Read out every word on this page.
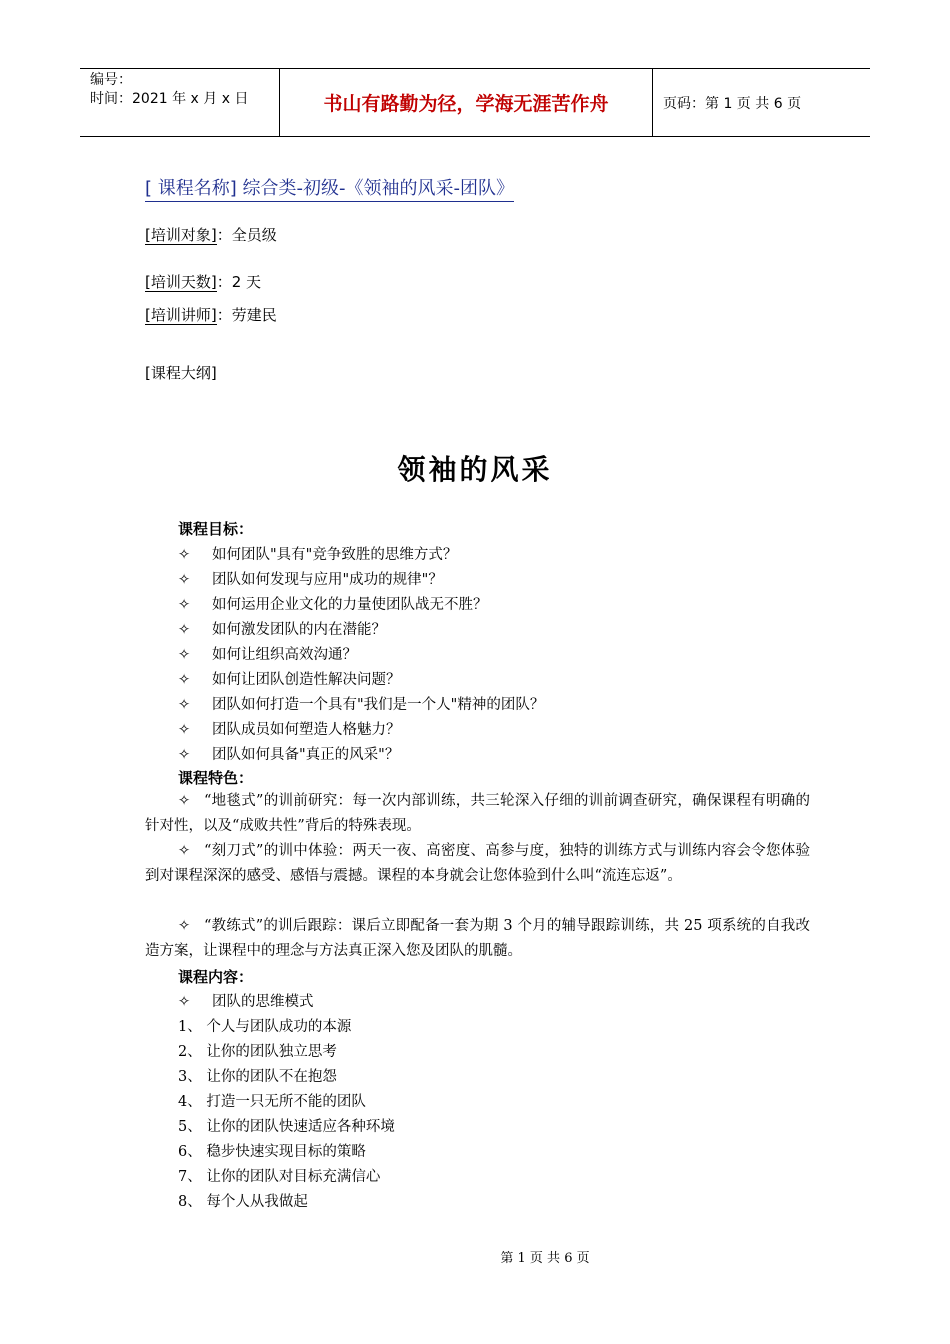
编号：
时间：2021 年 x 月 x 日	书山有路勤为径，学海无涯苦作舟	页码：第 1 页 共 6 页
[ 课程名称] 综合类-初级-《领袖的风采-团队》
[培训对象]：全员级
[培训天数]：2 天
[培训讲师]：劳建民
[课程大纲]
领袖的风采
课程目标：
✧ 如何团队"具有"竞争致胜的思维方式？
✧ 团队如何发现与应用"成功的规律"？
✧ 如何运用企业文化的力量使团队战无不胜？
✧ 如何激发团队的内在潜能？
✧ 如何让组织高效沟通？
✧ 如何让团队创造性解决问题？
✧ 团队如何打造一个具有"我们是一个人"精神的团队？
✧ 团队成员如何塑造人格魅力？
✧ 团队如何具备"真正的风采"？
课程特色：
✧ “地毯式”的训前研究：每一次内部训练，共三轮深入仔细的训前调查研究，确保课程有明确的针对性，以及“成败共性”背后的特殊表现。
✧ “刻刀式”的训中体验：两天一夜、高密度、高参与度，独特的训练方式与训练内容会令您体验到对课程深深的感受、感悟与震撼。课程的本身就会让您体验到什么叫“流连忘返”。
✧ “教练式”的训后跟踪：课后立即配备一套为期 3 个月的辅导跟踪训练，共 25 项系统的自我改造方案，让课程中的理念与方法真正深入您及团队的肌髓。
课程内容：
✧ 团队的思维模式
1、 个人与团队成功的本源
2、 让你的团队独立思考
3、 让你的团队不在抱怨
4、 打造一只无所不能的团队
5、 让你的团队快速适应各种环境
6、 稳步快速实现目标的策略
7、 让你的团队对目标充满信心
8、 每个人从我做起
第 1 页 共 6 页
